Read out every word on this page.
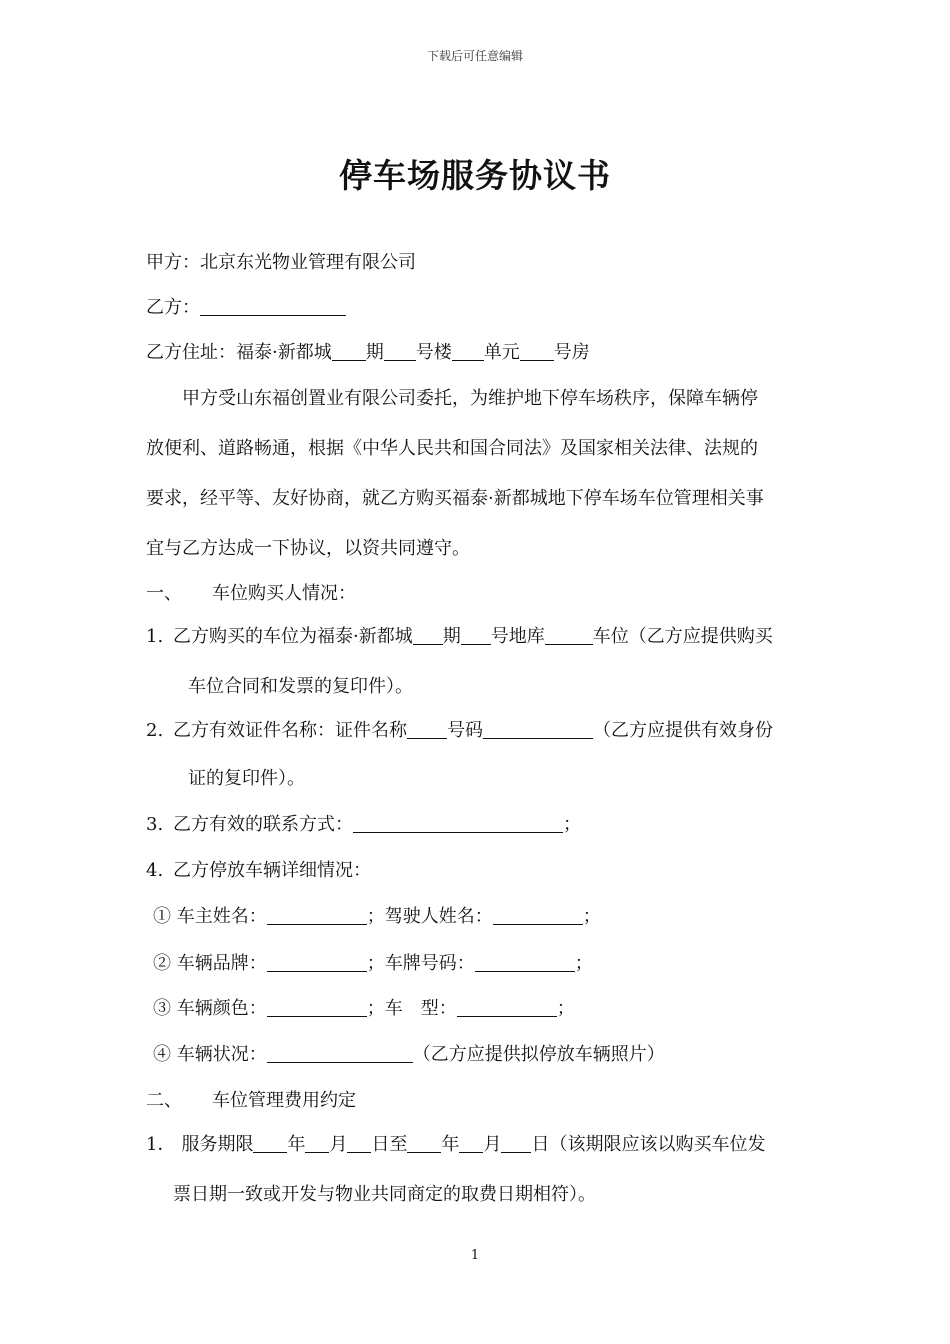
下载后可任意编辑
停车场服务协议书
甲方：北京东光物业管理有限公司
乙方：
乙方住址：福泰·新都城 期 号楼 单元 号房
甲方受山东福创置业有限公司委托，为维护地下停车场秩序，保障车辆停
放便利、道路畅通，根据《中华人民共和国合同法》及国家相关法律、法规的
要求，经平等、友好协商，就乙方购买福泰·新都城地下停车场车位管理相关事
宜与乙方达成一下协议，以资共同遵守。
一、 车位购买人情况：
1. 乙方购买的车位为福泰·新都城 期 号地库	车位（乙方应提供购买
车位合同和发票的复印件）。
2. 乙方有效证件名称：证件名称 号码	（乙方应提供有效身份
证的复印件）。
3. 乙方有效的联系方式：	；
4. 乙方停放车辆详细情况：
① 车主姓名：	；驾驶人姓名：	；
② 车辆品牌：	；车牌号码：	；
③ 车辆颜色：	；车　型：	；
④ 车辆状况：	（乙方应提供拟停放车辆照片）
二、 车位管理费用约定
1． 服务期限 年 月 日至 年 月 日（该期限应该以购买车位发
票日期一致或开发与物业共同商定的取费日期相符）。
1
